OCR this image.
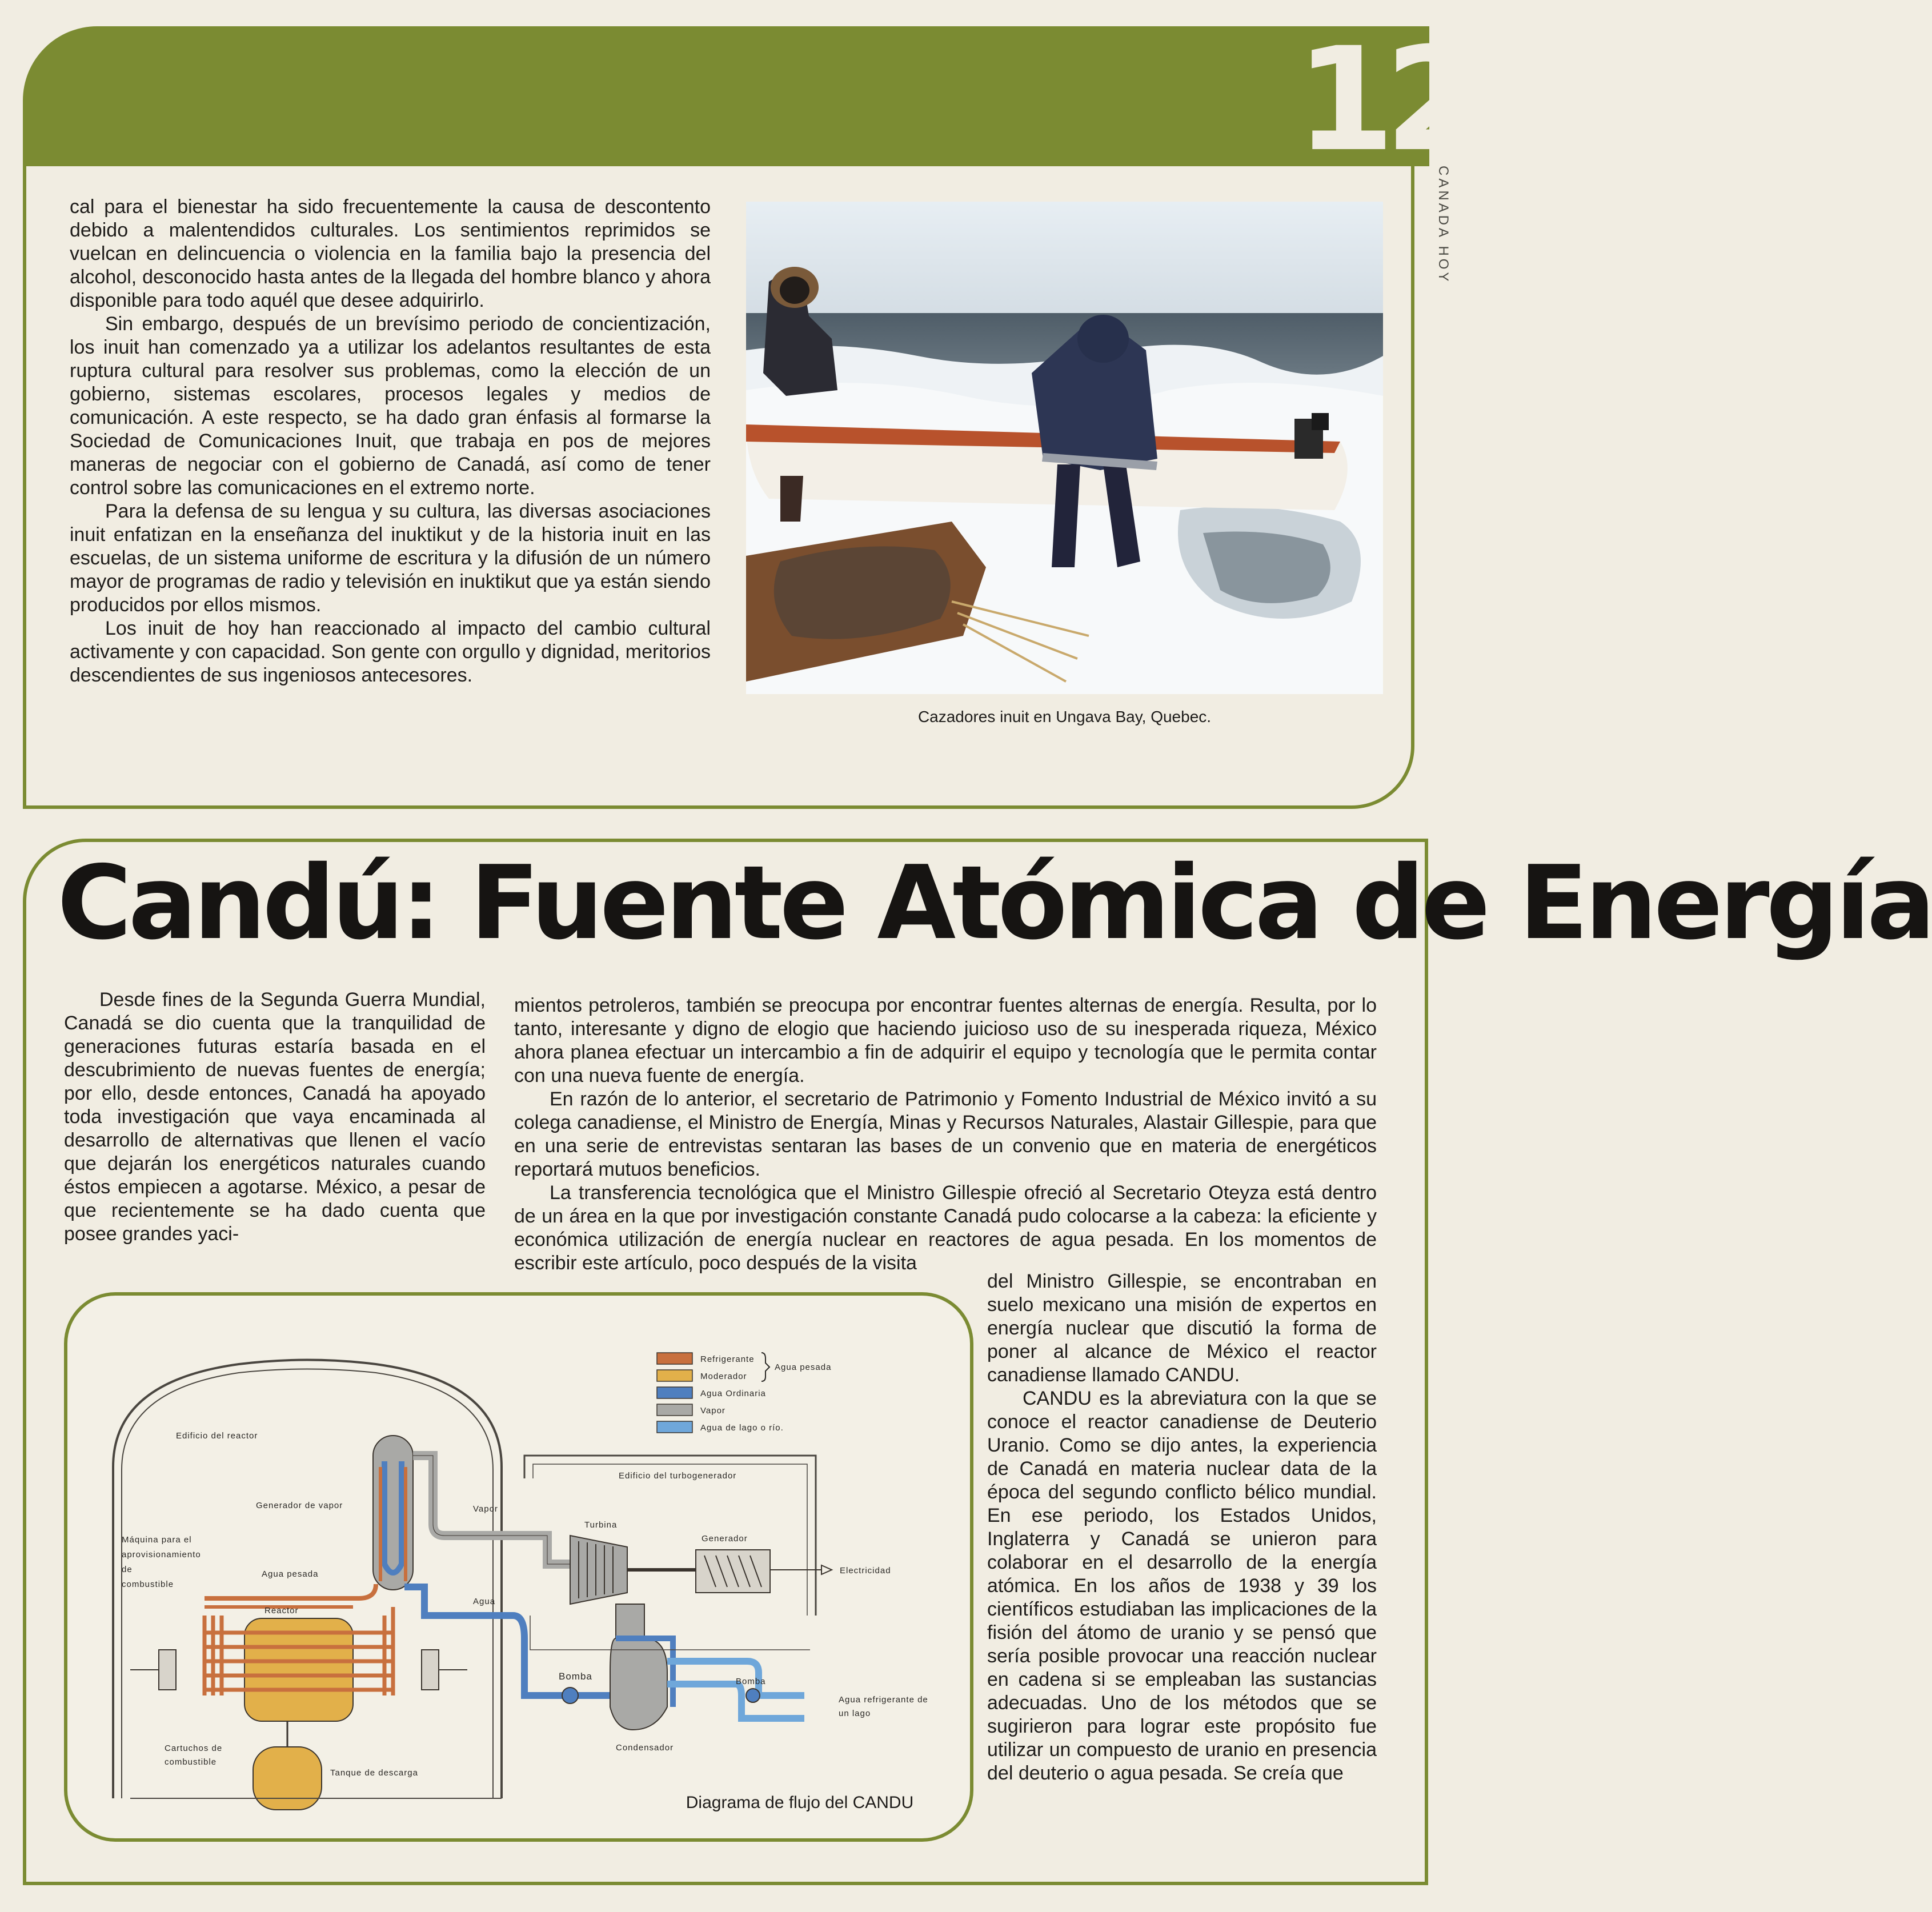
12
CANADA HOY

cal para el bienestar ha sido frecuentemente la causa de descontento debido a malentendidos culturales. Los sentimientos reprimidos se vuelcan en delincuencia o violencia en la familia bajo la presencia del alcohol, desconocido hasta antes de la llegada del hombre blanco y ahora disponible para todo aquél que desee adquirirlo.

Sin embargo, después de un brevísimo periodo de concientización, los inuit han comenzado ya a utilizar los adelantos resultantes de esta ruptura cultural para resolver sus problemas, como la elección de un gobierno, sistemas escolares, procesos legales y medios de comunicación. A este respecto, se ha dado gran énfasis al formarse la Sociedad de Comunicaciones Inuit, que trabaja en pos de mejores maneras de negociar con el gobierno de Canadá, así como de tener control sobre las comunicaciones en el extremo norte.

Para la defensa de su lengua y su cultura, las diversas asociaciones inuit enfatizan en la enseñanza del inuktikut y de la historia inuit en las escuelas, de un sistema uniforme de escritura y la difusión de un número mayor de programas de radio y televisión en inuktikut que ya están siendo producidos por ellos mismos.

Los inuit de hoy han reaccionado al impacto del cambio cultural activamente y con capacidad. Son gente con orgullo y dignidad, meritorios descendientes de sus ingeniosos antecesores.

Cazadores inuit en Ungava Bay, Quebec.
Candú: Fuente Atómica de Energía

Desde fines de la Segunda Guerra Mundial, Canadá se dio cuenta que la tranquilidad de generaciones futuras estaría basada en el descubrimiento de nuevas fuentes de energía; por ello, desde entonces, Canadá ha apoyado toda investigación que vaya encaminada al desarrollo de alternativas que llenen el vacío que dejarán los energéticos naturales cuando éstos empiecen a agotarse. México, a pesar de que recientemente se ha dado cuenta que posee grandes yaci-

mientos petroleros, también se preocupa por encontrar fuentes alternas de energía. Resulta, por lo tanto, interesante y digno de elogio que haciendo juicioso uso de su inesperada riqueza, México ahora planea efectuar un intercambio a fin de adquirir el equipo y tecnología que le permita contar con una nueva fuente de energía.

En razón de lo anterior, el secretario de Patrimonio y Fomento Industrial de México invitó a su colega canadiense, el Ministro de Energía, Minas y Recursos Naturales, Alastair Gillespie, para que en una serie de entrevistas sentaran las bases de un convenio que en materia de energéticos reportará mutuos beneficios.

La transferencia tecnológica que el Ministro Gillespie ofreció al Secretario Oteyza está dentro de un área en la que por investigación constante Canadá pudo colocarse a la cabeza: la eficiente y económica utilización de energía nuclear en reactores de agua pesada. En los momentos de escribir este artículo, poco después de la visita

del Ministro Gillespie, se encontraban en suelo mexicano una misión de expertos en energía nuclear que discutió la forma de poner al alcance de México el reactor canadiense llamado CANDU.

CANDU es la abreviatura con la que se conoce el reactor canadiense de Deuterio Uranio. Como se dijo antes, la experiencia de Canadá en materia nuclear data de la época del segundo conflicto bélico mundial. En ese periodo, los Estados Unidos, Inglaterra y Canadá se unieron para colaborar en el desarrollo de la energía atómica. En los años de 1938 y 39 los científicos estudiaban las implicaciones de la fisión del átomo de uranio y se pensó que sería posible provocar una reacción nuclear en cadena si se empleaban las sustancias adecuadas. Uno de los métodos que se sugirieron para lograr este propósito fue utilizar un compuesto de uranio en presencia del deuterio o agua pesada. Se creía que

Refrigerante
Moderador
Agua Ordinaria
Vapor
Agua de lago o río.
Agua pesada
Edificio del reactor
Generador de vapor	Vapor
Agua
Agua pesada
Reactor
Máquina para el aprovisionamiento de combustible
Cartuchos de combustible
Tanque de descarga
Edificio del turbogenerador
Turbina
Generador
Electricidad
Condensador
Bomba
Agua refrigerante de un lago
Bomba
Diagrama de flujo del CANDU
